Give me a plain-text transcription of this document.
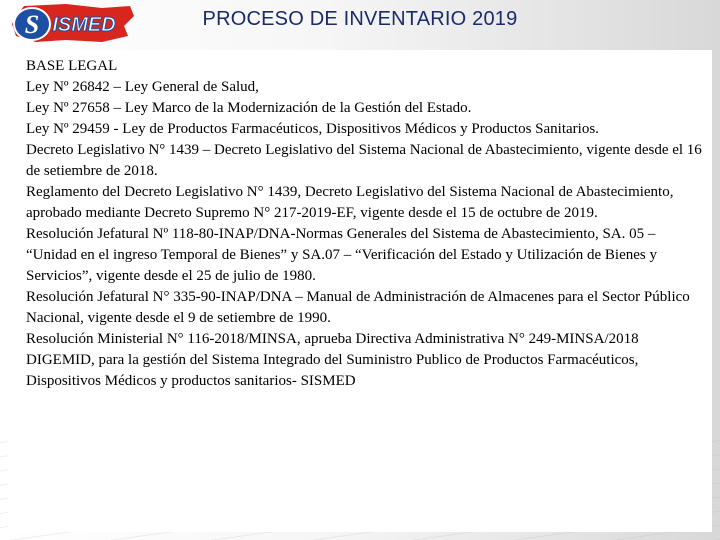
S ISMED	PROCESO DE INVENTARIO 2019
BASE LEGAL
Ley Nº 26842 – Ley General de Salud,
Ley Nº 27658 – Ley Marco de la Modernización de la Gestión del Estado.
Ley Nº 29459 - Ley de Productos Farmacéuticos, Dispositivos Médicos y Productos Sanitarios.
Decreto Legislativo N° 1439 – Decreto Legislativo del Sistema Nacional de Abastecimiento, vigente desde el 16 de setiembre de 2018.
Reglamento del Decreto Legislativo N° 1439, Decreto Legislativo del Sistema Nacional de Abastecimiento, aprobado mediante Decreto Supremo N° 217-2019-EF, vigente desde el 15 de octubre de 2019.
Resolución Jefatural Nº 118-80-INAP/DNA-Normas Generales del Sistema de Abastecimiento, SA. 05 – “Unidad en el ingreso Temporal de Bienes” y SA.07 – “Verificación del Estado y Utilización de Bienes y Servicios”, vigente desde el 25 de julio de 1980.
Resolución Jefatural N° 335-90-INAP/DNA – Manual de Administración de Almacenes para el Sector Público Nacional, vigente desde el 9 de setiembre de 1990.
Resolución Ministerial N° 116-2018/MINSA, aprueba Directiva Administrativa N° 249-MINSA/2018 DIGEMID, para la gestión del Sistema Integrado del Suministro Publico de Productos Farmacéuticos, Dispositivos Médicos y productos sanitarios- SISMED
